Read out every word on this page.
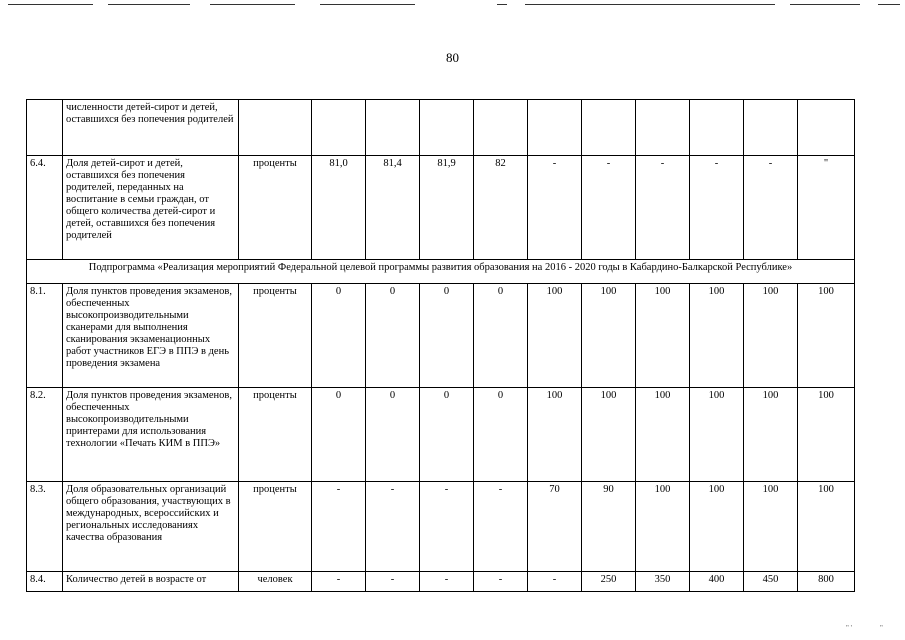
80
	численности детей-сирот и детей, оставшихся без попечения родителей											
6.4.	Доля детей-сирот и детей, оставшихся без попечения родителей, переданных на воспитание в семьи граждан, от общего количества детей-сирот и детей, оставшихся без попечения родителей	проценты	81,0	81,4	81,9	82	-	-	-	-	-	"
Подпрограмма «Реализация мероприятий Федеральной целевой программы развития образования на 2016 - 2020 годы в Кабардино-Балкарской Республике»												
8.1.	Доля пунктов проведения экзаменов, обеспеченных высокопроизводительными сканерами для выполнения сканирования экзаменационных работ участников ЕГЭ в ППЭ в день проведения экзамена	проценты	0	0	0	0	100	100	100	100	100	100
8.2.	Доля пунктов проведения экзаменов, обеспеченных высокопроизводительными принтерами для использования технологии «Печать КИМ в ППЭ»	проценты	0	0	0	0	100	100	100	100	100	100
8.3.	Доля образовательных организаций общего образования, участвующих в международных, всероссийских и региональных исследованиях качества образования	проценты	-	-	-	-	70	90	100	100	100	100
8.4.	Количество детей в возрасте от	человек	-	-	-	-	-	250	350	400	450	800
" '	"
